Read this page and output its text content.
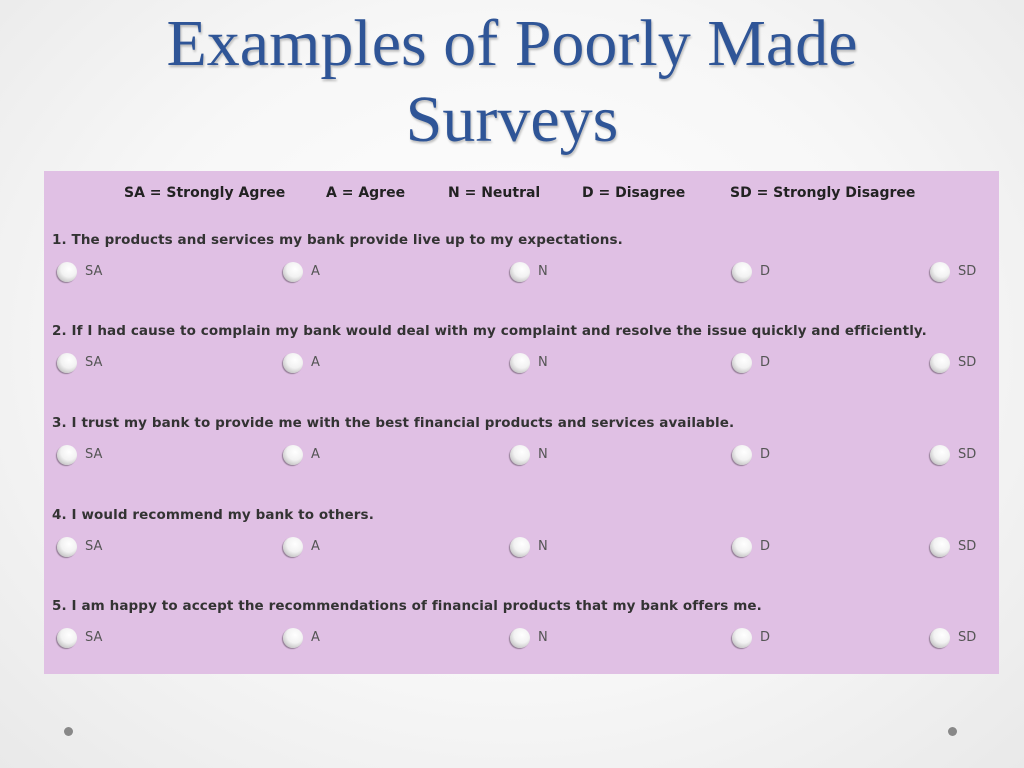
Examples of Poorly Made
Surveys
SA = Strongly Agree	A = Agree	N = Neutral	D = Disagree	SD = Strongly Disagree
1. The products and services my bank provide live up to my expectations.
SA	A	N	D	SD
2. If I had cause to complain my bank would deal with my complaint and resolve the issue quickly and efficiently.
SA	A	N	D	SD
3. I trust my bank to provide me with the best financial products and services available.
SA	A	N	D	SD
4. I would recommend my bank to others.
SA	A	N	D	SD
5. I am happy to accept the recommendations of financial products that my bank offers me.
SA	A	N	D	SD
